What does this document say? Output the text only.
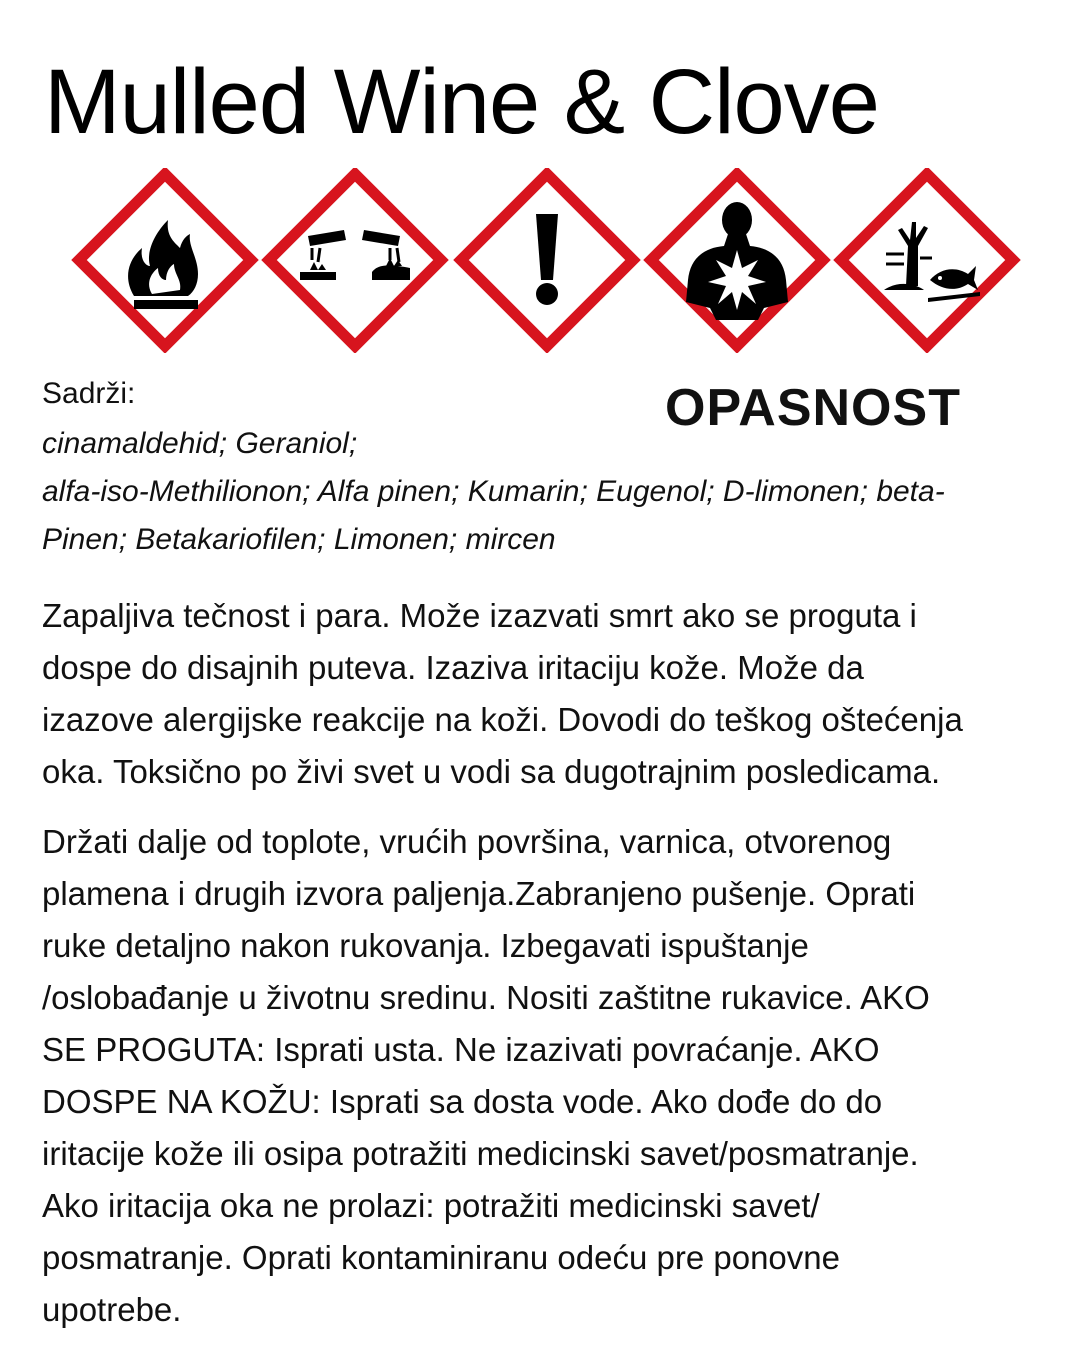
Mulled Wine & Clove
Sadrži:	OPASNOST
cinamaldehid; Geraniol;
alfa-iso-Methilionon; Alfa pinen; Kumarin; Eugenol; D-limonen; beta-
Pinen; Betakariofilen; Limonen; mircen
Zapaljiva tečnost i para. Može izazvati smrt ako se proguta i
dospe do disajnih puteva. Izaziva iritaciju kože. Može da
izazove alergijske reakcije na koži. Dovodi do teškog oštećenja
oka. Toksično po živi svet u vodi sa dugotrajnim posledicama.
Držati dalje od toplote, vrućih površina, varnica, otvorenog
plamena i drugih izvora paljenja.Zabranjeno pušenje. Oprati
ruke detaljno nakon rukovanja. Izbegavati ispuštanje
/oslobađanje u životnu sredinu. Nositi zaštitne rukavice. AKO
SE PROGUTA: Isprati usta. Ne izazivati povraćanje. AKO
DOSPE NA KOŽU: Isprati sa dosta vode. Ako dođe do do
iritacije kože ili osipa potražiti medicinski savet/posmatranje.
Ako iritacija oka ne prolazi: potražiti medicinski savet/
posmatranje. Oprati kontaminiranu odeću pre ponovne
upotrebe.
